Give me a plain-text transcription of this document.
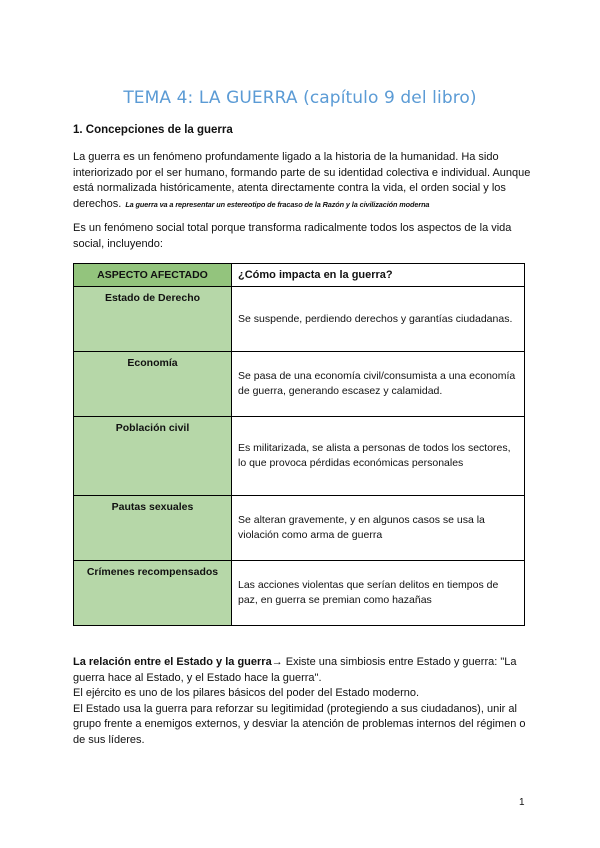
TEMA 4: LA GUERRA (capítulo 9 del libro)
1. Concepciones de la guerra
La guerra es un fenómeno profundamente ligado a la historia de la humanidad. Ha sido interiorizado por el ser humano, formando parte de su identidad colectiva e individual. Aunque está normalizada históricamente, atenta directamente contra la vida, el orden social y los derechos. La guerra va a representar un estereotipo de fracaso de la Razón y la civilización moderna
Es un fenómeno social total porque transforma radicalmente todos los aspectos de la vida social, incluyendo:
ASPECTO AFECTADO	¿Cómo impacta en la guerra?
Estado de Derecho	Se suspende, perdiendo derechos y garantías ciudadanas.
Economía	Se pasa de una economía civil/consumista a una economía de guerra, generando escasez y calamidad.
Población civil	Es militarizada, se alista a personas de todos los sectores, lo que provoca pérdidas económicas personales
Pautas sexuales	Se alteran gravemente, y en algunos casos se usa la violación como arma de guerra
Crímenes recompensados	Las acciones violentas que serían delitos en tiempos de paz, en guerra se premian como hazañas

La relación entre el Estado y la guerra→ Existe una simbiosis entre Estado y guerra: "La guerra hace al Estado, y el Estado hace la guerra".

El ejército es uno de los pilares básicos del poder del Estado moderno.

El Estado usa la guerra para reforzar su legitimidad (protegiendo a sus ciudadanos), unir al grupo frente a enemigos externos, y desviar la atención de problemas internos del régimen o de sus líderes.

1
